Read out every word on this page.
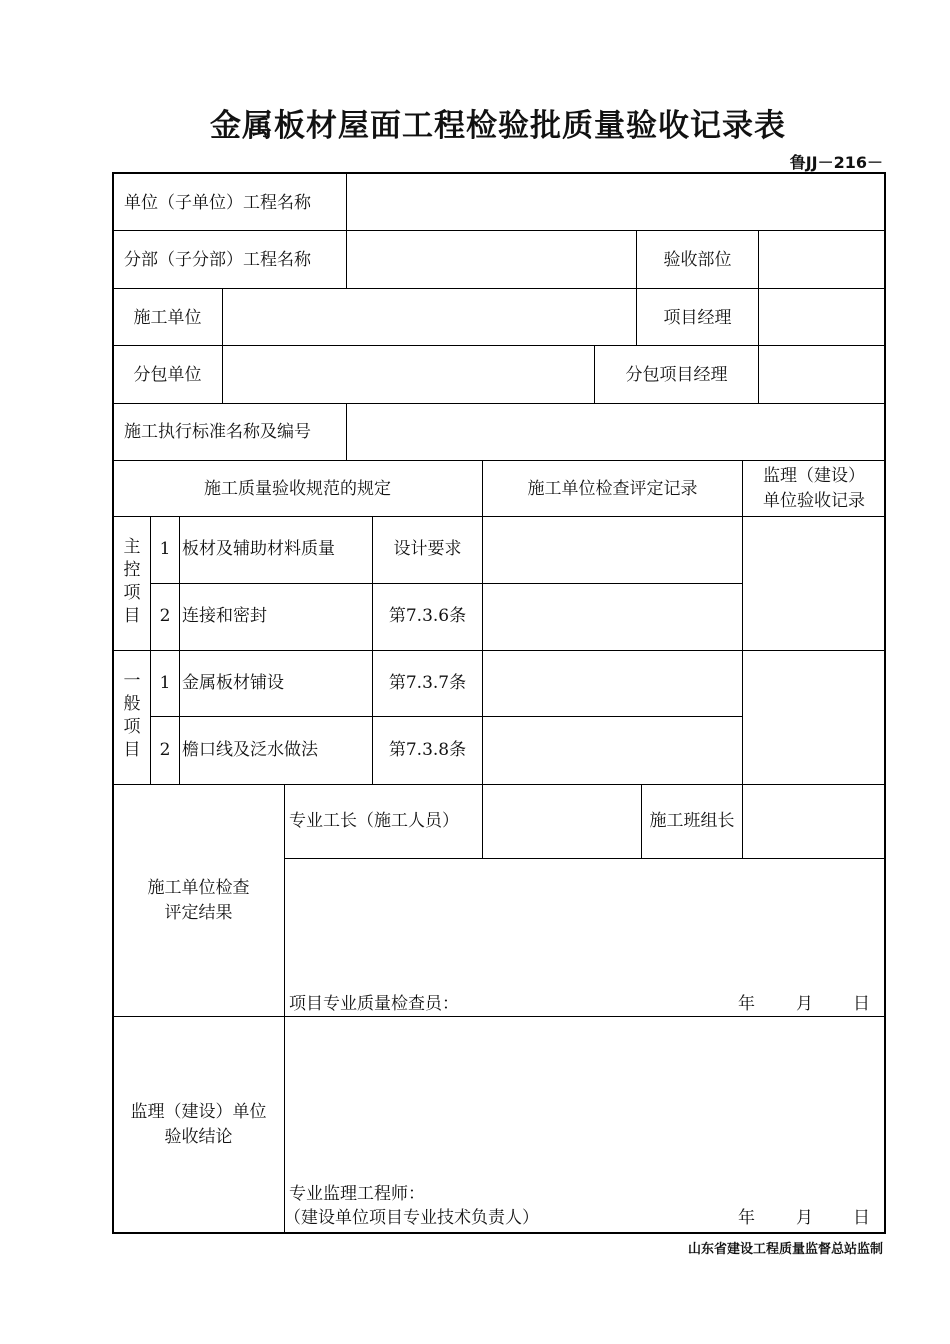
金属板材屋面工程检验批质量验收记录表
鲁JJ－216－
单位（子单位）工程名称
分部（子分部）工程名称	验收部位
施工单位	项目经理
分包单位	分包项目经理
施工执行标准名称及编号
施工质量验收规范的规定	施工单位检查评定记录
监理（建设）
单位验收记录
主控项目
1 板材及辅助材料质量	设计要求
2 连接和密封	第7.3.6条
一般项目
1 金属板材铺设	第7.3.7条
2 檐口线及泛水做法	第7.3.8条
施工单位检查
评定结果
专业工长（施工人员）	施工班组长
项目专业质量检查员：	年 月 日
监理（建设）单位
验收结论
专业监理工程师：
（建设单位项目专业技术负责人）	年 月 日
山东省建设工程质量监督总站监制
